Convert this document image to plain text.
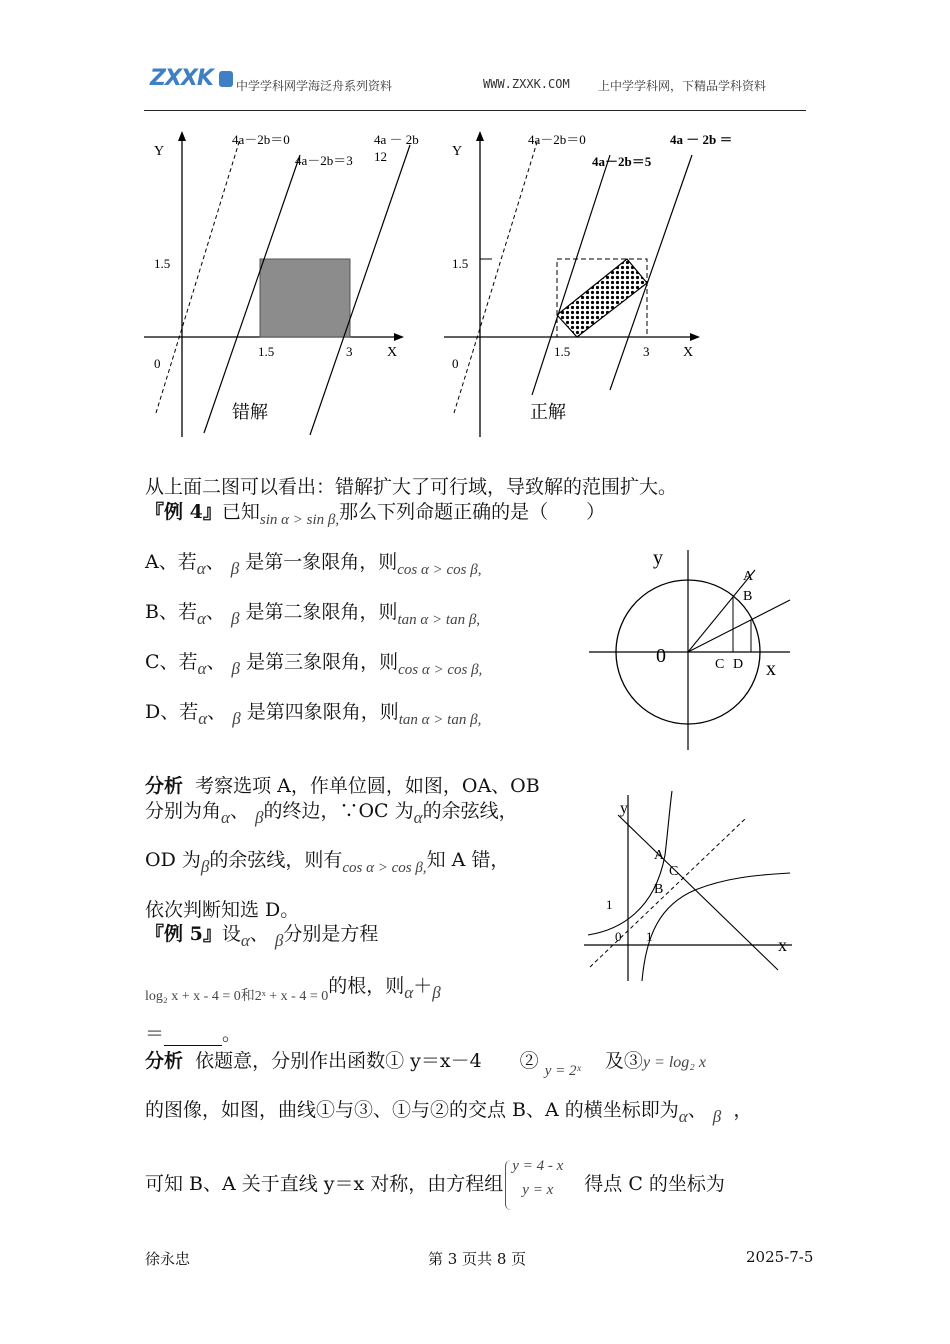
ZXXK	中学学科网学海泛舟系列资料	WWW.ZXXK.COM 上中学学科网，下精品学科资料
Y
X
0
1.5
1.5	3
4a－2b＝0
4a－2b＝3
4a － 2b
12
错解
Y
X
0
1.5
1.5	3
4a－2b＝0
4a－2b＝5
4a － 2b ＝
正解
从上面二图可以看出：错解扩大了可行域，导致解的范围扩大。
『例 4』已知$_{sin \alpha > sin \beta,}$那么下列命题正确的是（　　）
A、若α、 β 是第一象限角，则$_{cos \alpha > cos \beta,}$
B、若α、 β 是第二象限角，则$_{tan \alpha > tan \beta,}$
C、若α、 β 是第三象限角，则$_{cos \alpha > cos \beta,}$
D、若α、 β 是第四象限角，则$_{tan \alpha > tan \beta,}$
y
x
0
A
B
C D
分析 考察选项 A，作单位圆，如图，OA、OB
分别为角α、 β的终边，∵OC 为α的余弦线，
OD 为β的余弦线，则有$_{cos \alpha > cos \beta,}$知 A 错，
依次判断知选 D。
y
x
0
1
1
A
C
B
『例 5』设α、 β分别是方程
$_{log_2 x + x - 4 = 0和2ˣ + x - 4 = 0}$的根，则α＋β
＝	。
分析 依题意，分别作出函数① y＝x－4　　② $_{y = 2ˣ}$ 及③y = log₂ x
的图像，如图，曲线①与③、①与②的交点 B、A 的横坐标即为α、 β ，
可知 B、A 关于直线 y＝x 对称，由方程组
y = 4 - x
y = x 得点 C 的坐标为
徐永忠	第 3 页共 8 页	2025-7-5
